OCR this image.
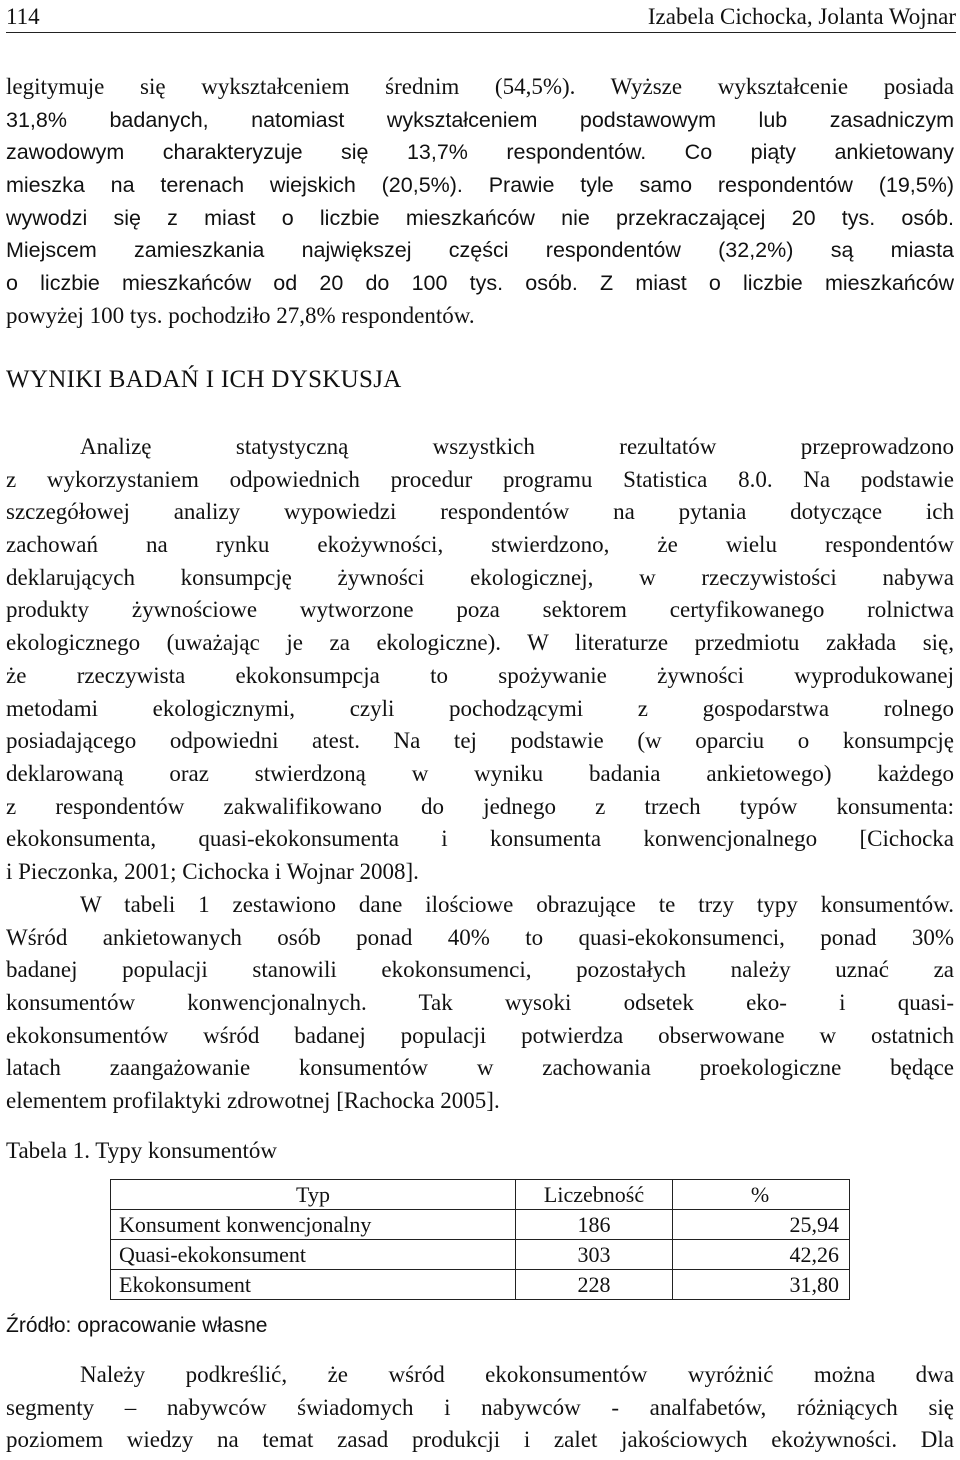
114	Izabela Cichocka, Jolanta Wojnar
legitymuje się wykształceniem średnim (54,5%). Wyższe wykształcenie posiada
31,8% badanych, natomiast wykształceniem podstawowym lub zasadniczym
zawodowym charakteryzuje się 13,7% respondentów. Co piąty ankietowany
mieszka na terenach wiejskich (20,5%). Prawie tyle samo respondentów (19,5%)
wywodzi się z miast o liczbie mieszkańców nie przekraczającej 20 tys. osób.
Miejscem zamieszkania największej części respondentów (32,2%) są miasta
o liczbie mieszkańców od 20 do 100 tys. osób. Z miast o liczbie mieszkańców
powyżej 100 tys. pochodziło 27,8% respondentów.
WYNIKI BADAŃ I ICH DYSKUSJA
Analizę statystyczną wszystkich rezultatów przeprowadzono
z wykorzystaniem odpowiednich procedur programu Statistica 8.0. Na podstawie
szczegółowej analizy wypowiedzi respondentów na pytania dotyczące ich
zachowań na rynku ekożywności, stwierdzono, że wielu respondentów
deklarujących konsumpcję żywności ekologicznej, w rzeczywistości nabywa
produkty żywnościowe wytworzone poza sektorem certyfikowanego rolnictwa
ekologicznego (uważając je za ekologiczne). W literaturze przedmiotu zakłada się,
że rzeczywista ekokonsumpcja to spożywanie żywności wyprodukowanej
metodami ekologicznymi, czyli pochodzącymi z gospodarstwa rolnego
posiadającego odpowiedni atest. Na tej podstawie (w oparciu o konsumpcję
deklarowaną oraz stwierdzoną w wyniku badania ankietowego) każdego
z respondentów zakwalifikowano do jednego z trzech typów konsumenta:
ekokonsumenta, quasi-ekokonsumenta i konsumenta konwencjonalnego [Cichocka
i Pieczonka, 2001; Cichocka i Wojnar 2008].
W tabeli 1 zestawiono dane ilościowe obrazujące te trzy typy konsumentów.
Wśród ankietowanych osób ponad 40% to quasi-ekokonsumenci, ponad 30%
badanej populacji stanowili ekokonsumenci, pozostałych należy uznać za
konsumentów konwencjonalnych. Tak wysoki odsetek eko- i quasi-
ekokonsumentów wśród badanej populacji potwierdza obserwowane w ostatnich
latach zaangażowanie konsumentów w zachowania proekologiczne będące
elementem profilaktyki zdrowotnej [Rachocka 2005].
Tabela 1. Typy konsumentów
Typ	Liczebność	%
Konsument konwencjonalny	186	25,94
Quasi-ekokonsument	303	42,26
Ekokonsument	228	31,80
Źródło: opracowanie własne
Należy podkreślić, że wśród ekokonsumentów wyróżnić można dwa
segmenty – nabywców świadomych i nabywców - analfabetów, różniących się
poziomem wiedzy na temat zasad produkcji i zalet jakościowych ekożywności. Dla
